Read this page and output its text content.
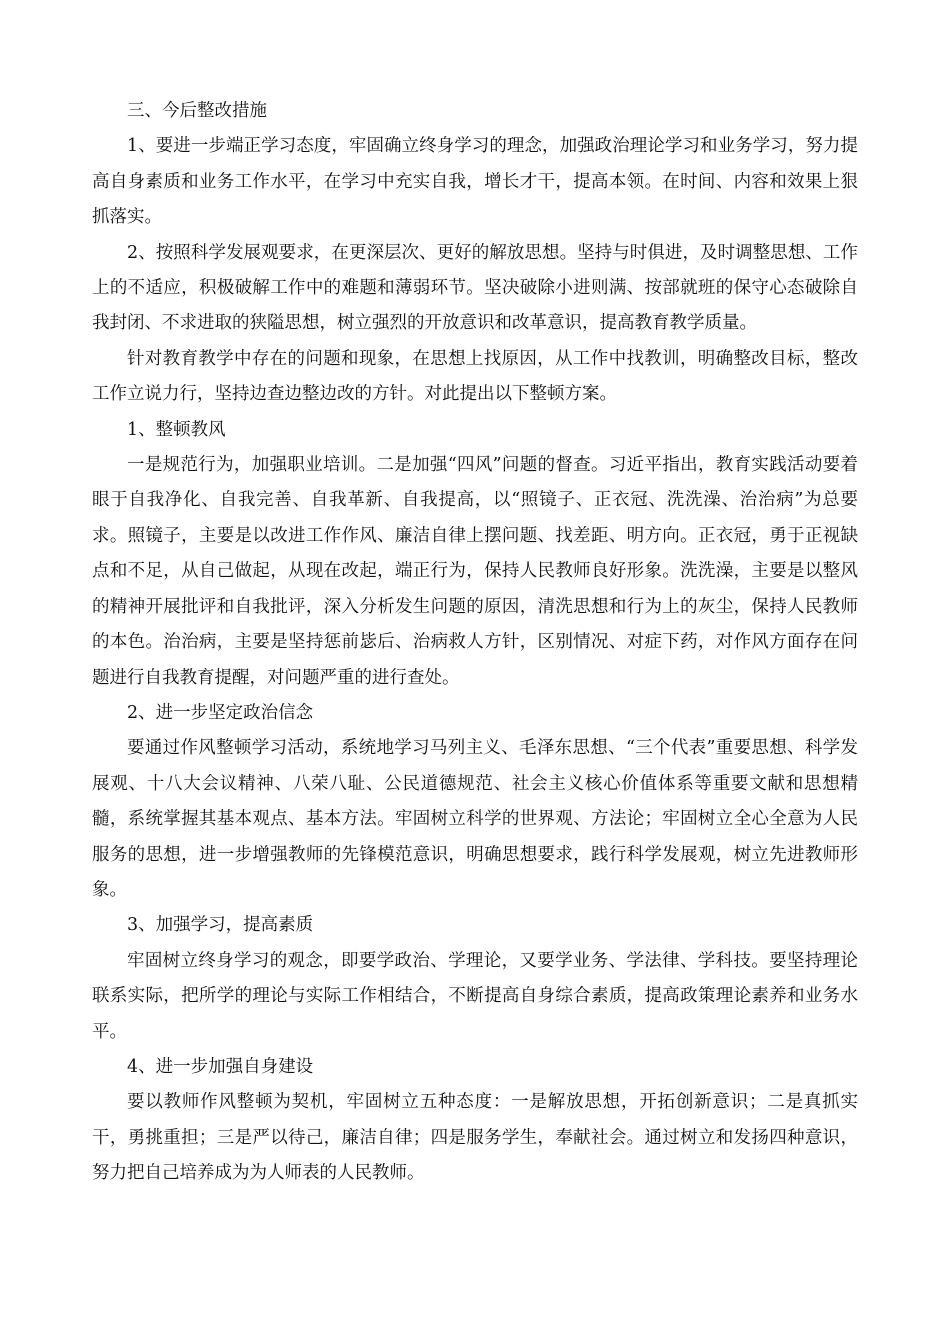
三、今后整改措施

1、要进一步端正学习态度，牢固确立终身学习的理念，加强政治理论学习和业务学习，努力提高自身素质和业务工作水平，在学习中充实自我，增长才干，提高本领。在时间、内容和效果上狠抓落实。

2、按照科学发展观要求，在更深层次、更好的解放思想。坚持与时俱进，及时调整思想、工作上的不适应，积极破解工作中的难题和薄弱环节。坚决破除小进则满、按部就班的保守心态破除自我封闭、不求进取的狭隘思想，树立强烈的开放意识和改革意识，提高教育教学质量。

针对教育教学中存在的问题和现象，在思想上找原因，从工作中找教训，明确整改目标，整改工作立说力行，坚持边查边整边改的方针。对此提出以下整顿方案。

1、整顿教风

一是规范行为，加强职业培训。二是加强“四风”问题的督查。习近平指出，教育实践活动要着眼于自我净化、自我完善、自我革新、自我提高，以“照镜子、正衣冠、洗洗澡、治治病”为总要求。照镜子，主要是以改进工作作风、廉洁自律上摆问题、找差距、明方向。正衣冠，勇于正视缺点和不足，从自己做起，从现在改起，端正行为，保持人民教师良好形象。洗洗澡，主要是以整风的精神开展批评和自我批评，深入分析发生问题的原因，清洗思想和行为上的灰尘，保持人民教师的本色。治治病，主要是坚持惩前毖后、治病救人方针，区别情况、对症下药，对作风方面存在问题进行自我教育提醒，对问题严重的进行查处。

2、进一步坚定政治信念

要通过作风整顿学习活动，系统地学习马列主义、毛泽东思想、“三个代表”重要思想、科学发展观、十八大会议精神、八荣八耻、公民道德规范、社会主义核心价值体系等重要文献和思想精髓，系统掌握其基本观点、基本方法。牢固树立科学的世界观、方法论；牢固树立全心全意为人民服务的思想，进一步增强教师的先锋模范意识，明确思想要求，践行科学发展观，树立先进教师形象。

3、加强学习，提高素质

牢固树立终身学习的观念，即要学政治、学理论，又要学业务、学法律、学科技。要坚持理论联系实际，把所学的理论与实际工作相结合，不断提高自身综合素质，提高政策理论素养和业务水平。

4、进一步加强自身建设

要以教师作风整顿为契机，牢固树立五种态度：一是解放思想，开拓创新意识；二是真抓实干，勇挑重担；三是严以待己，廉洁自律；四是服务学生，奉献社会。通过树立和发扬四种意识，努力把自己培养成为为人师表的人民教师。
